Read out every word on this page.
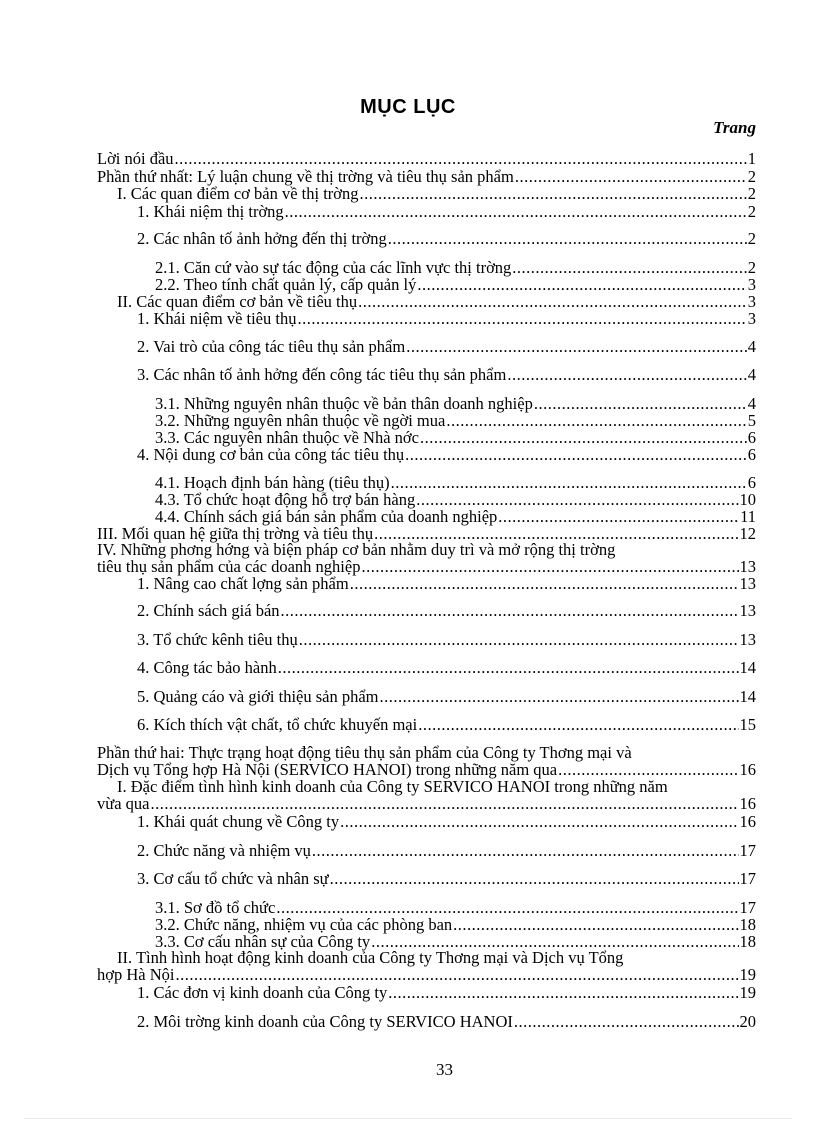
MỤC LỤC
Trang
Lời nói đầu .....	1
Phần thứ nhất: Lý luận chung về thị trờng và tiêu thụ sản phẩm .....	2
I. Các quan điểm cơ bản về thị trờng .....	2
1. Khái niệm thị trờng .....	2
2. Các nhân tố ảnh hởng đến thị trờng .....	2
2.1. Căn cứ vào sự tác động của các lĩnh vực thị trờng .....	2
2.2. Theo tính chất quản lý, cấp quản lý .....	3
II. Các quan điểm cơ bản về tiêu thụ .....	3
1. Khái niệm về tiêu thụ .....	3
2. Vai trò của công tác tiêu thụ sản phẩm .....	4
3. Các nhân tố ảnh hởng đến công tác tiêu thụ sản phẩm .....	4
3.1. Những nguyên nhân thuộc về bản thân doanh nghiệp .....	4
3.2. Những nguyên nhân thuộc về ngời mua .....	5
3.3. Các nguyên nhân thuộc về Nhà nớc .....	6
4. Nội dung cơ bản của công tác tiêu thụ .....	6
4.1. Hoạch định bán hàng (tiêu thụ) .....	6
4.3. Tổ chức hoạt động hỗ trợ bán hàng .....	10
4.4. Chính sách giá bán sản phẩm của doanh nghiệp .....	11
III. Mối quan hệ giữa thị trờng và tiêu thụ .....	12
IV. Những phơng hớng và biện pháp cơ bản nhằm duy trì và mở rộng thị trờng
tiêu thụ sản phẩm của các doanh nghiệp .....	13
1. Nâng cao chất lợng sản phẩm .....	13
2. Chính sách giá bán .....	13
3. Tổ chức kênh tiêu thụ .....	13
4. Công tác bảo hành .....	14
5. Quảng cáo và giới thiệu sản phẩm .....	14
6. Kích thích vật chất, tổ chức khuyến mại .....	15
Phần thứ hai: Thực trạng hoạt động tiêu thụ sản phẩm của Công ty Thơng mại và
Dịch vụ Tổng hợp Hà Nội (SERVICO HANOI) trong những năm qua .....	16
I. Đặc điểm tình hình kinh doanh của Công ty SERVICO HANOI trong những năm
vừa qua .....	16
1. Khái quát chung về Công ty .....	16
2. Chức năng và nhiệm vụ .....	17
3. Cơ cấu tổ chức và nhân sự .....	17
3.1. Sơ đồ tổ chức .....	17
3.2. Chức năng, nhiệm vụ của các phòng ban .....	18
3.3. Cơ cấu nhân sự của Công ty .....	18
II. Tình hình hoạt động kinh doanh của Công ty Thơng mại và Dịch vụ Tổng
hợp Hà Nội .....	19
1. Các đơn vị kinh doanh của Công ty .....	19
2. Môi trờng kinh doanh của Công ty SERVICO HANOI .....	20
33
